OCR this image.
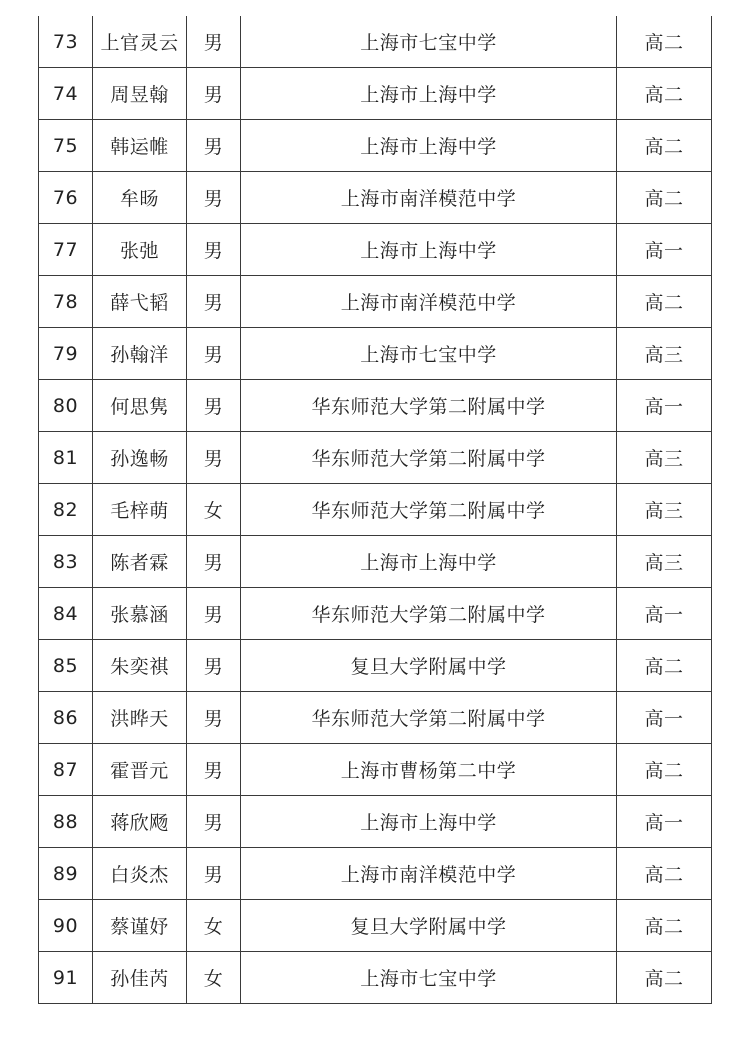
73	上官灵云	男	上海市七宝中学	高二
74	周昱翰	男	上海市上海中学	高二
75	韩运帷	男	上海市上海中学	高二
76	牟旸	男	上海市南洋模范中学	高二
77	张弛	男	上海市上海中学	高一
78	薛弋韬	男	上海市南洋模范中学	高二
79	孙翰洋	男	上海市七宝中学	高三
80	何思隽	男	华东师范大学第二附属中学	高一
81	孙逸畅	男	华东师范大学第二附属中学	高三
82	毛梓萌	女	华东师范大学第二附属中学	高三
83	陈者霖	男	上海市上海中学	高三
84	张慕涵	男	华东师范大学第二附属中学	高一
85	朱奕祺	男	复旦大学附属中学	高二
86	洪晔天	男	华东师范大学第二附属中学	高一
87	霍晋元	男	上海市曹杨第二中学	高二
88	蒋欣飏	男	上海市上海中学	高一
89	白炎杰	男	上海市南洋模范中学	高二
90	蔡谨妤	女	复旦大学附属中学	高二
91	孙佳芮	女	上海市七宝中学	高二
